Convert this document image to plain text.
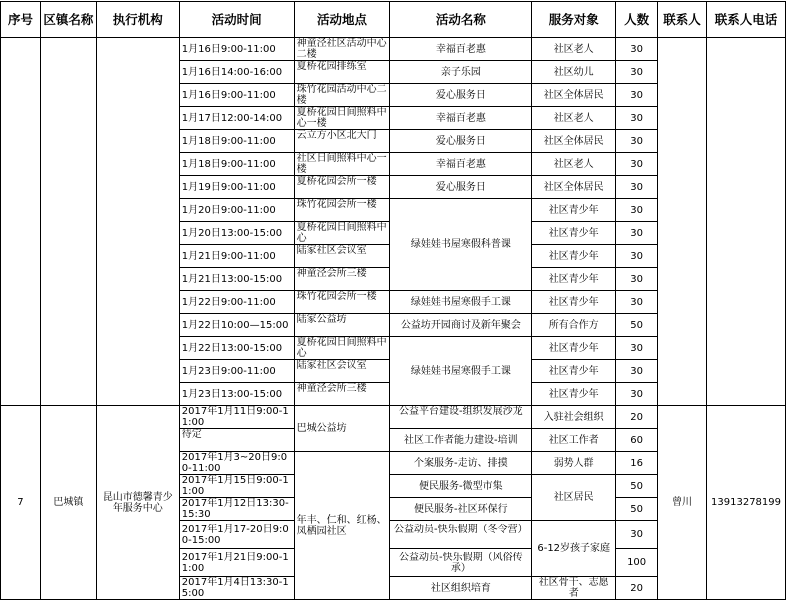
序号	区镇名称	执行机构	活动时间	活动地点	活动名称	服务对象	人数	联系人	联系人电话
			1月16日9:00-11:00	神童泾社区活动中心二楼	幸福百老惠	社区老人	30		
			1月16日14:00-16:00	夏桥花园排练室	亲子乐园	社区幼儿	30		
			1月16日9:00-11:00	珠竹花园活动中心二楼	爱心服务日	社区全体居民	30		
			1月17日12:00-14:00	夏桥花园日间照料中心一楼	幸福百老惠	社区老人	30		
			1月18日9:00-11:00	云立方小区北大门	爱心服务日	社区全体居民	30		
			1月18日9:00-11:00	社区日间照料中心一楼	幸福百老惠	社区老人	30		
			1月19日9:00-11:00	夏桥花园会所一楼	爱心服务日	社区全体居民	30		
			1月20日9:00-11:00	珠竹花园会所一楼	绿娃娃书屋寒假科普课	社区青少年	30		
			1月20日13:00-15:00	夏桥花园日间照料中心		社区青少年	30		
			1月21日9:00-11:00	陆家社区会议室		社区青少年	30		
			1月21日13:00-15:00	神童泾会所三楼		社区青少年	30		
			1月22日9:00-11:00	珠竹花园会所一楼	绿娃娃书屋寒假手工课	社区青少年	30		
			1月22日10:00—15:00	陆家公益坊	公益坊开园商讨及新年聚会	所有合作方	50		
			1月22日13:00-15:00	夏桥花园日间照料中心	绿娃娃书屋寒假手工课	社区青少年	30		
			1月23日9:00-11:00	陆家社区会议室		社区青少年	30		
			1月23日13:00-15:00	神童泾会所三楼		社区青少年	30		
7	巴城镇	昆山市德馨青少年服务中心	2017年1月11日9:00-11:00	巴城公益坊	公益平台建设-组织发展沙龙	入驻社会组织	20	曾川	13913278199

			待定		社区工作者能力建设-培训	社区工作者	60		

			2017年1月3~20日9:00-11:00	年丰、仁和、红杨、凤栖园社区	个案服务-走访、排摸	弱势人群	16		

			2017年1月15日9:00-11:00		便民服务-微型市集	社区居民	50		

			2017年1月12日13:30-15:30		便民服务-社区环保行		50		

			2017年1月17-20日9:00-15:00		公益动员-快乐假期（冬令营）	6-12岁孩子家庭	30		

			2017年1月21日9:00-11:00		公益动员-快乐假期（风俗传承）		100		

			2017年1月4日13:30-15:00		社区组织培育	社区骨干、志愿者	20		
